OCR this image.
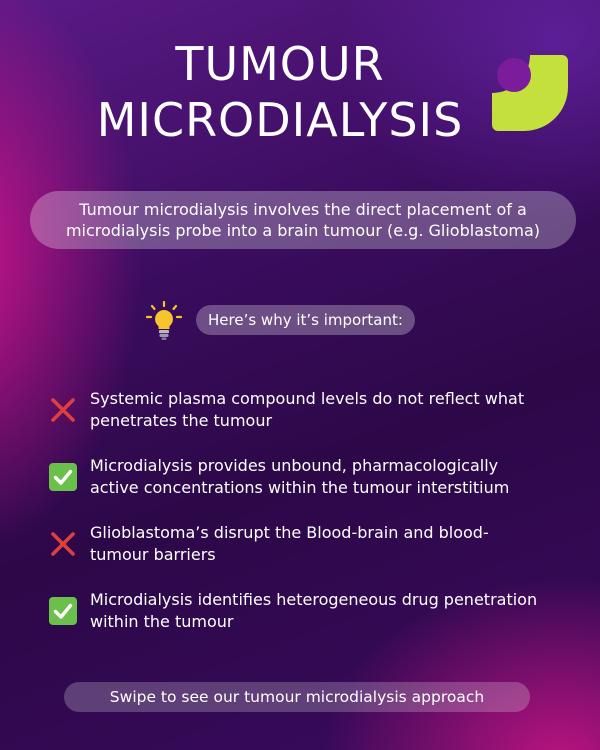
TUMOUR
MICRODIALYSIS
Tumour microdialysis involves the direct placement of a
microdialysis probe into a brain tumour (e.g. Glioblastoma)
Here’s why it’s important:
Systemic plasma compound levels do not reflect what
penetrates the tumour
Microdialysis provides unbound, pharmacologically
active concentrations within the tumour interstitium
Glioblastoma’s disrupt the Blood-brain and blood-
tumour barriers
Microdialysis identifies heterogeneous drug penetration
within the tumour
Swipe to see our tumour microdialysis approach
